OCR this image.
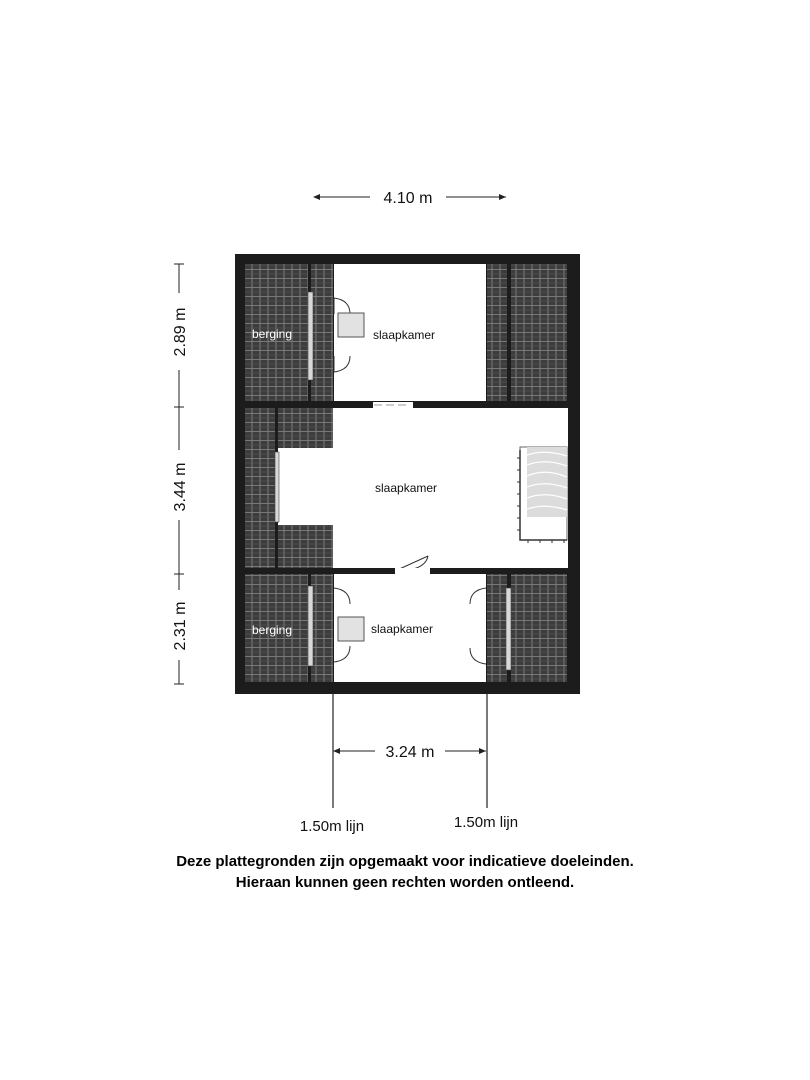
berging	slaapkamer
slaapkamer
berging	slaapkamer
4.10 m
2.89 m
3.44 m
2.31 m
3.24 m
1.50m lijn	1.50m lijn
Deze plattegronden zijn opgemaakt voor indicatieve doeleinden.
Hieraan kunnen geen rechten worden ontleend.
